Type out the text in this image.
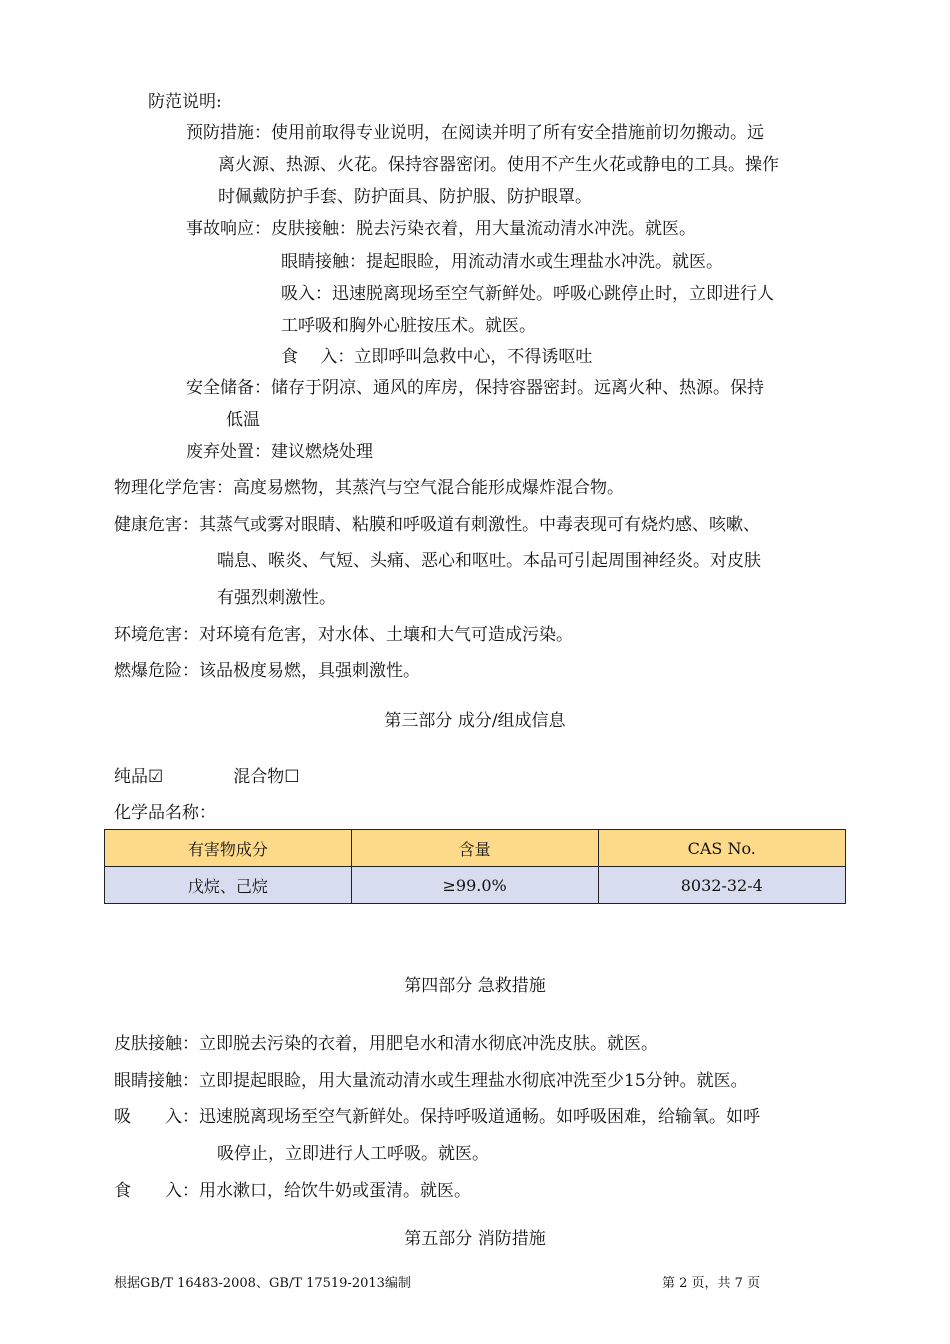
防范说明:
预防措施：使用前取得专业说明，在阅读并明了所有安全措施前切勿搬动。远
离火源、热源、火花。保持容器密闭。使用不产生火花或静电的工具。操作
时佩戴防护手套、防护面具、防护服、防护眼罩。
事故响应：皮肤接触：脱去污染衣着，用大量流动清水冲洗。就医。
眼睛接触：提起眼睑，用流动清水或生理盐水冲洗。就医。
吸入：迅速脱离现场至空气新鲜处。呼吸心跳停止时，立即进行人
工呼吸和胸外心脏按压术。就医。
食　 入：立即呼叫急救中心，不得诱呕吐
安全储备：储存于阴凉、通风的库房，保持容器密封。远离火种、热源。保持
低温
废弃处置：建议燃烧处理
物理化学危害：高度易燃物，其蒸汽与空气混合能形成爆炸混合物。
健康危害：其蒸气或雾对眼睛、粘膜和呼吸道有刺激性。中毒表现可有烧灼感、咳嗽、
喘息、喉炎、气短、头痛、恶心和呕吐。本品可引起周围神经炎。对皮肤
有强烈刺激性。
环境危害：对环境有危害，对水体、土壤和大气可造成污染。
燃爆危险：该品极度易燃，具强刺激性。
第三部分 成分/组成信息
纯品☑	混合物☐
化学品名称：
有害物成分	含量	CAS No.
戊烷、己烷	≥99.0%	8032-32-4
第四部分 急救措施
皮肤接触：立即脱去污染的衣着，用肥皂水和清水彻底冲洗皮肤。就医。
眼睛接触：立即提起眼睑，用大量流动清水或生理盐水彻底冲洗至少15分钟。就医。
吸　　入：迅速脱离现场至空气新鲜处。保持呼吸道通畅。如呼吸困难，给输氧。如呼
吸停止，立即进行人工呼吸。就医。
食　　入：用水漱口，给饮牛奶或蛋清。就医。
第五部分 消防措施
根据GB/T 16483-2008、GB/T 17519-2013编制	第 2 页，共 7 页
